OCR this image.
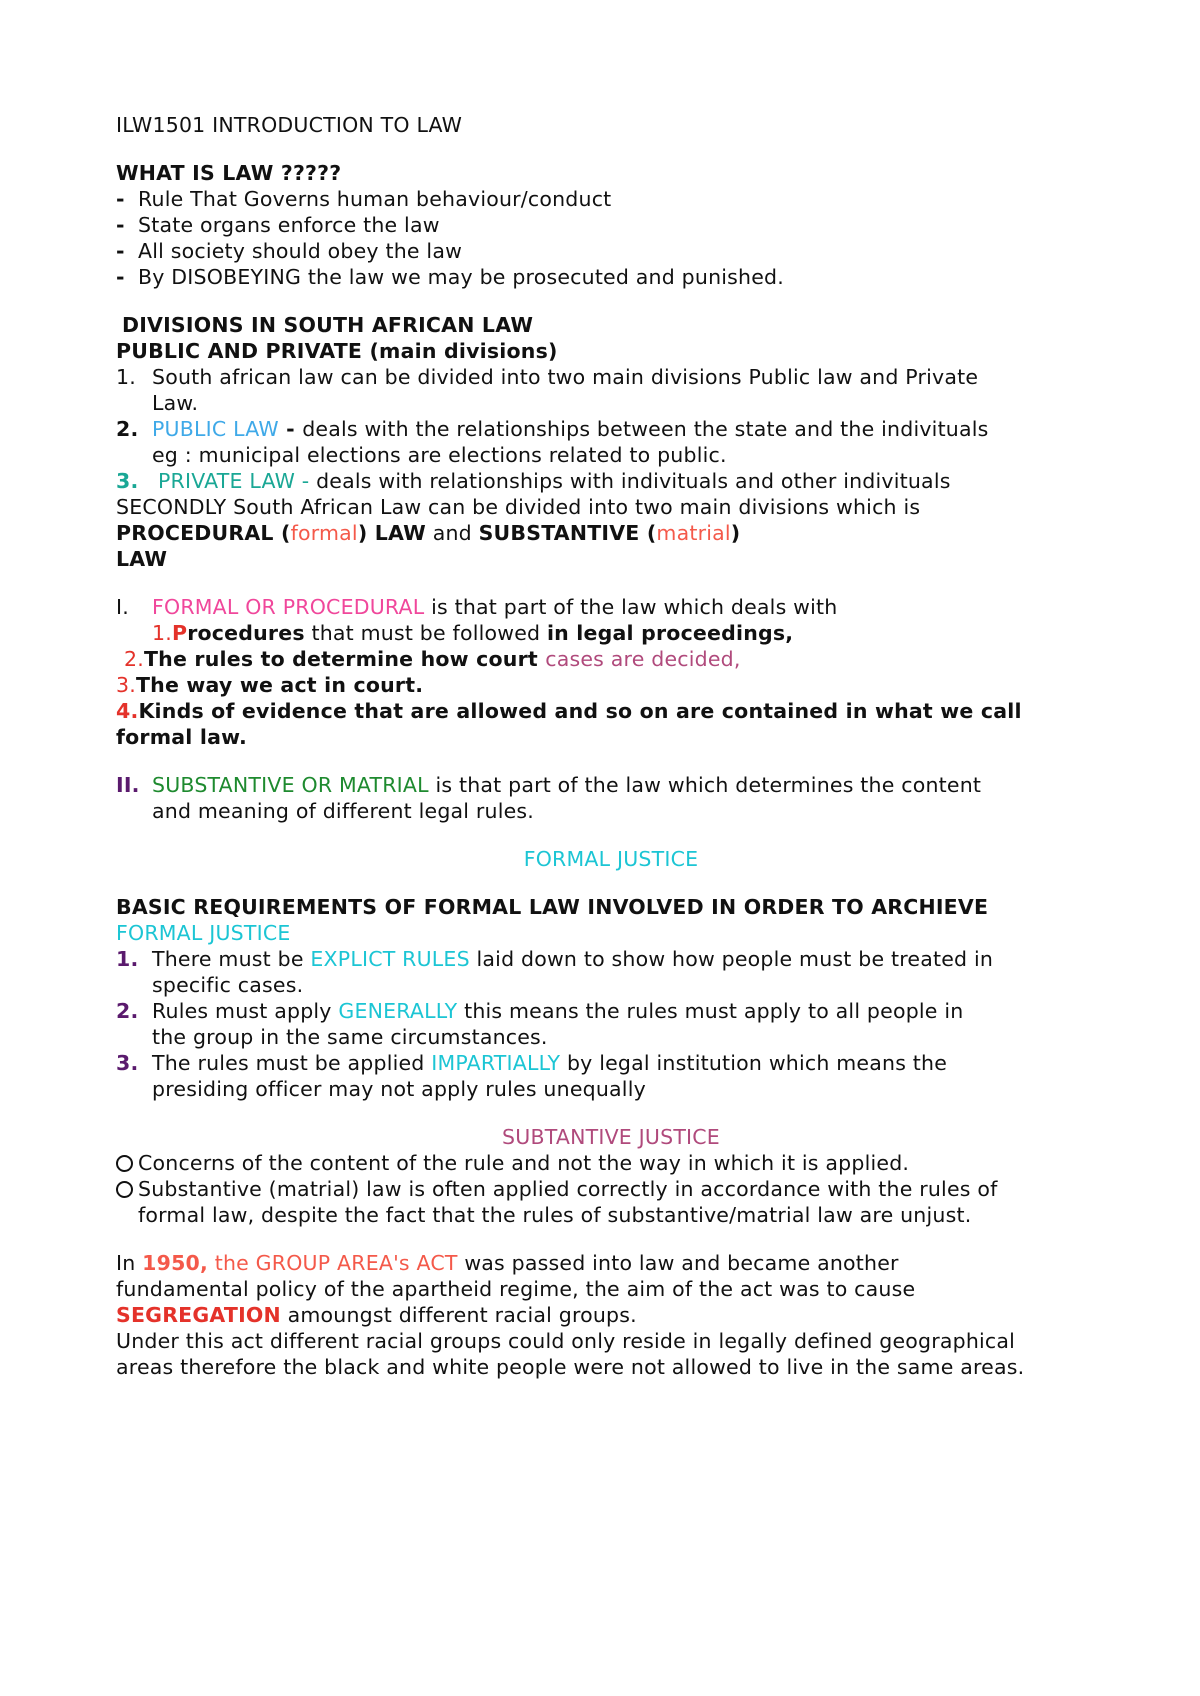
ILW1501 INTRODUCTION TO LAW

WHAT IS LAW ?????

- Rule That Governs human behaviour/conduct

- State organs enforce the law

- All society should obey the law

- By DISOBEYING the law we may be prosecuted and punished.

DIVISIONS IN SOUTH AFRICAN LAW

PUBLIC AND PRIVATE (main divisions)

1. South african law can be divided into two main divisions Public law and Private

Law.

2. PUBLIC LAW - deals with the relationships between the state and the indivituals

eg : municipal elections are elections related to public.

3. PRIVATE LAW - deals with relationships with indivituals and other indivituals

SECONDLY South African Law can be divided into two main divisions which is

PROCEDURAL (formal) LAW and SUBSTANTIVE (matrial)

LAW

I. FORMAL OR PROCEDURAL is that part of the law which deals with

1.Procedures that must be followed in legal proceedings,

2.The rules to determine how court cases are decided,

3.The way we act in court.

4.Kinds of evidence that are allowed and so on are contained in what we call

formal law.

II. SUBSTANTIVE OR MATRIAL is that part of the law which determines the content

and meaning of different legal rules.

FORMAL JUSTICE

BASIC REQUIREMENTS OF FORMAL LAW INVOLVED IN ORDER TO ARCHIEVE

FORMAL JUSTICE

1. There must be EXPLICT RULES laid down to show how people must be treated in

specific cases.

2. Rules must apply GENERALLY this means the rules must apply to all people in

the group in the same circumstances.

3. The rules must be applied IMPARTIALLY by legal institution which means the

presiding officer may not apply rules unequally

SUBTANTIVE JUSTICE

Concerns of the content of the rule and not the way in which it is applied.

Substantive (matrial) law is often applied correctly in accordance with the rules of

formal law, despite the fact that the rules of substantive/matrial law are unjust.

In 1950, the GROUP AREA's ACT was passed into law and became another

fundamental policy of the apartheid regime, the aim of the act was to cause

SEGREGATION amoungst different racial groups.

Under this act different racial groups could only reside in legally defined geographical

areas therefore the black and white people were not allowed to live in the same areas.
